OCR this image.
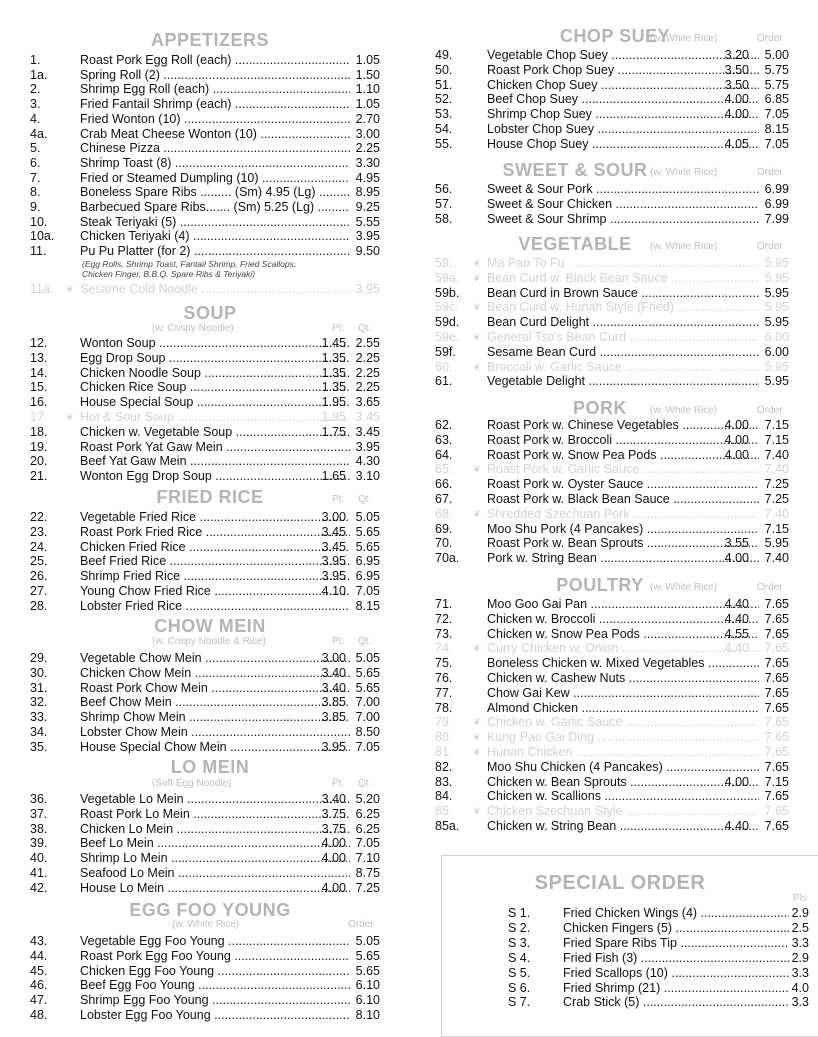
APPETIZERS
1.	Roast Pork Egg Roll (each) .....	1.05
1a.	Spring Roll (2) .....	1.50
2.	Shrimp Egg Roll (each) .....	1.10
3.	Fried Fantail Shrimp (each) .....	1.05
4.	Fried Wonton (10) .....	2.70
4a.	Crab Meat Cheese Wonton (10) .....	3.00
5.	Chinese Pizza .....	2.25
6.	Shrimp Toast (8) .....	3.30
7.	Fried or Steamed Dumpling (10) .....	4.95
8.	Boneless Spare Ribs ......... (Sm) 4.95 (Lg) .....	8.95
9.	Barbecued Spare Ribs....... (Sm) 5.25 (Lg) .....	9.25
10.	Steak Teriyaki (5) .....	5.55
10a. Chicken Teriyaki (4) .....	3.95
11.	Pu Pu Platter (for 2) .....	9.50
(Egg Rolls, Shrimp Toast, Fantail Shrimp, Fried Scallops,
Chicken Finger, B.B.Q. Spare Ribs & Teriyaki)
11a. ❦ Sesame Cold Noodle .....	3.95
SOUP
(w. Crispy Noodle)	Pt. Qt.
12.	Wonton Soup .....	1.45 2.55
13.	Egg Drop Soup .....	1.35 2.25
14.	Chicken Noodle Soup .....	1.35 2.25
15.	Chicken Rice Soup .....	1.35 2.25
16.	House Special Soup .....	1.95 3.65
17. ❦ Hot & Sour Soup .....	1.95 3.45
18.	Chicken w. Vegetable Soup .....	1.75 3.45
19.	Roast Pork Yat Gaw Mein .....	3.95
20.	Beef Yat Gaw Mein .....	4.30
21.	Wonton Egg Drop Soup .....	1.65 3.10
FRIED RICE	Pt. Qt.
22.	Vegetable Fried Rice .....	3.00 5.05
23.	Roast Pork Fried Rice .....	3.45 5.65
24.	Chicken Fried Rice .....	3.45 5.65
25.	Beef Fried Rice .....	3.95 6.95
26.	Shrimp Fried Rice .....	3.95 6.95
27.	Young Chow Fried Rice .....	4.10 7.05
28.	Lobster Fried Rice .....	8.15
CHOW MEIN
(w. Crispy Noodle & Rice)	Pt. Qt.
29.	Vegetable Chow Mein .....	3.00 5.05
30.	Chicken Chow Mein .....	3.40 5.65
31.	Roast Pork Chow Mein .....	3.40 5.65
32.	Beef Chow Mein .....	3.85 7.00
33.	Shrimp Chow Mein .....	3.85 7.00
34.	Lobster Chow Mein .....	8.50
35.	House Special Chow Mein .....	3.95 7.05
LO MEIN
(Soft Egg Noodle)	Pt. Qt.
36.	Vegetable Lo Mein .....	3.40 5.20
37.	Roast Pork Lo Mein .....	3.75 6.25
38.	Chicken Lo Mein .....	3.75 6.25
39.	Beef Lo Mein .....	4.00 7.05
40.	Shrimp Lo Mein .....	4.00 7.10
41.	Seafood Lo Mein .....	8.75
42.	House Lo Mein .....	4.00 7.25
EGG FOO YOUNG
(w. White Rice)	Order
43.	Vegetable Egg Foo Young .....	5.05
44.	Roast Pork Egg Foo Young .....	5.65
45.	Chicken Egg Foo Young .....	5.65
46.	Beef Egg Foo Young .....	6.10
47.	Shrimp Egg Foo Young .....	6.10
48.	Lobster Egg Foo Young .....	8.10
CHOP SUEY
(w. White Rice)	Order
49.	Vegetable Chop Suey .....	3.20	5.00
50.	Roast Pork Chop Suey .....	3.50	5.75
51.	Chicken Chop Suey .....	3.50	5.75
52.	Beef Chop Suey .....	4.00	6.85
53.	Shrimp Chop Suey .....	4.00	7.05
54.	Lobster Chop Suey .....	8.15
55.	House Chop Suey .....	4.05	7.05
SWEET & SOUR (w. White Rice)	Order
56.	Sweet & Sour Pork .....	6.99
57.	Sweet & Sour Chicken .....	6.99
58.	Sweet & Sour Shrimp .....	7.99
VEGETABLE	(w. White Rice)	Order
59. ❦ Ma Pao To Fu .....	5.95
59a. ❦ Bean Curd w. Black Bean Sauce .....	5.95
59b. Bean Curd in Brown Sauce .....	5.95
59c. ❦ Bean Curd w. Hunan Style (Fried) .....	5.95
59d. Bean Curd Delight .....	5.95
59e. ❦ General Tso's Bean Curd .....	6.00
59f. Sesame Bean Curd .....	6.00
60. ❦ Broccoli w. Garlic Sauce .....	5.95
61.	Vegetable Delight .....	5.95
PORK	(w. White Rice)	Order
62.	Roast Pork w. Chinese Vegetables .....	4.00	7.15
63.	Roast Pork w. Broccoli .....	4.00	7.15
64.	Roast Pork w. Snow Pea Pods .....	4.00	7.40
65. ❦ Roast Pork w. Garlic Sauce .....	7.40
66.	Roast Pork w. Oyster Sauce .....	7.25
67.	Roast Pork w. Black Bean Sauce .....	7.25
68. ❦ Shredded Szechuan Pork .....	7.40
69.	Moo Shu Pork (4 Pancakes) .....	7.15
70.	Roast Pork w. Bean Sprouts .....	3.55	5.95
70a. Pork w. String Bean .....	4.00	7.40
POULTRY (w. White Rice)	Order
71.	Moo Goo Gai Pan .....	4.40	7.65
72.	Chicken w. Broccoli .....	4.40	7.65
73.	Chicken w. Snow Pea Pods .....	4.55	7.65
74. ❦ Curry Chicken w. Onion .....	4.40	7.65
75.	Boneless Chicken w. Mixed Vegetables .....	7.65
76.	Chicken w. Cashew Nuts .....	7.65
77.	Chow Gai Kew .....	7.65
78.	Almond Chicken .....	7.65
79. ❦ Chicken w. Garlic Sauce .....	7.65
80. ❦ Kung Pao Gai Ding .....	7.65
81. ❦ Hunan Chicken .....	7.65
82.	Moo Shu Chicken (4 Pancakes) .....	7.65
83.	Chicken w. Bean Sprouts .....	4.00	7.15
84.	Chicken w. Scallions .....	7.65
85. ❦ Chicken Szechuan Style .....	7.65
85a. Chicken w. String Bean .....	4.40	7.65
SPECIAL ORDER
Pls
S 1.	Fried Chicken Wings (4) .....	2.9
S 2.	Chicken Fingers (5) .....	2.5
S 3.	Fried Spare Ribs Tip .....	3.3
S 4.	Fried Fish (3) .....	2.9
S 5.	Fried Scallops (10) .....	3.3
S 6.	Fried Shrimp (21) .....	4.0
S 7.	Crab Stick (5) .....	3.3
